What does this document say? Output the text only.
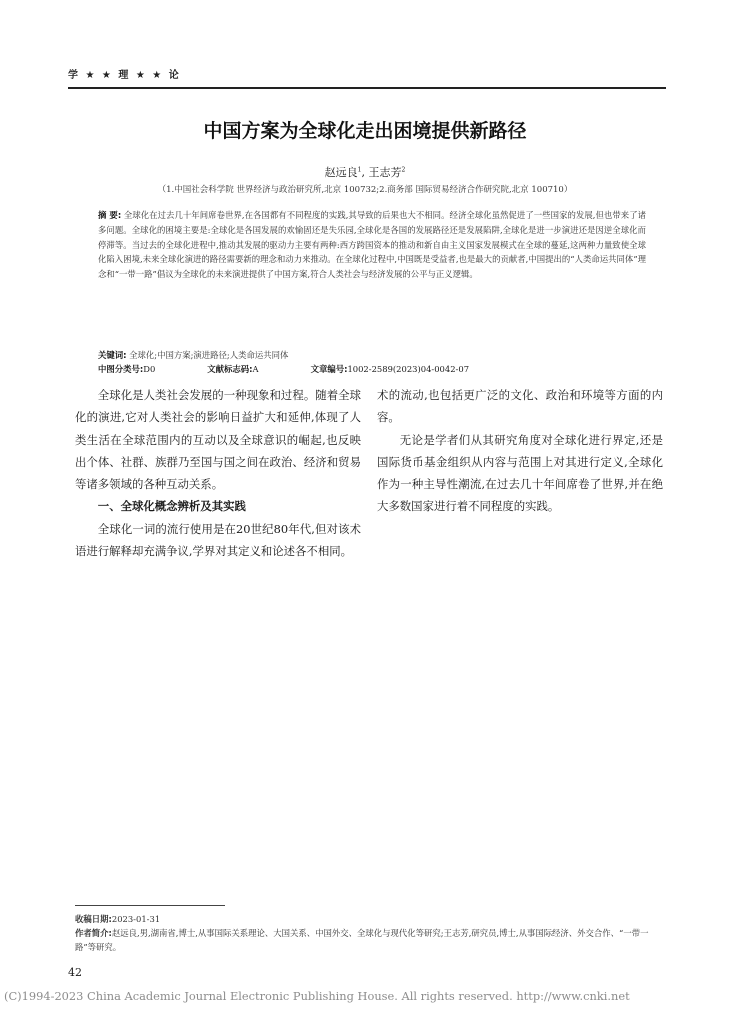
学 ★ ★ 理 ★ ★ 论
中国方案为全球化走出困境提供新路径
赵远良$^1$, 王志芳$^2$
（1.中国社会科学院 世界经济与政治研究所,北京 100732;2.商务部 国际贸易经济合作研究院,北京 100710）
摘 要: 全球化在过去几十年间席卷世界,在各国都有不同程度的实践,其导致的后果也大不相同。经济全球化虽然促进了一些国家的发展,但也带来了诸多问题。全球化的困境主要是:全球化是各国发展的欢愉固还是失乐园,全球化是各国的发展路径还是发展陷阱,全球化是进一步演进还是因逆全球化而停滞等。当过去的全球化进程中,推动其发展的驱动力主要有两种:西方跨国资本的推动和新自由主义国家发展模式在全球的蔓延,这两种力量致使全球化陷入困境,未来全球化演进的路径需要新的理念和动力来推动。在全球化过程中,中国既是受益者,也是最大的贡献者,中国提出的“人类命运共同体”理念和“一带一路”倡议为全球化的未来演进提供了中国方案,符合人类社会与经济发展的公平与正义逻辑。
关键词: 全球化;中国方案;演进路径;人类命运共同体
中图分类号:D0	文献标志码:A	文章编号:1002-2589(2023)04-0042-07

全球化是人类社会发展的一种现象和过程。随着全球化的演进,它对人类社会的影响日益扩大和延伸,体现了人类生活在全球范围内的互动以及全球意识的崛起,也反映出个体、社群、族群乃至国与国之间在政治、经济和贸易等诸多领域的各种互动关系。

一、全球化概念辨析及其实践

全球化一词的流行使用是在20世纪80年代,但对该术语进行解释却充满争议,学界对其定义和论述各不相同。

术的流动,也包括更广泛的文化、政治和环境等方面的内容。

无论是学者们从其研究角度对全球化进行界定,还是国际货币基金组织从内容与范围上对其进行定义,全球化作为一种主导性潮流,在过去几十年间席卷了世界,并在绝大多数国家进行着不同程度的实践。

收稿日期:2023-01-31
作者简介:赵远良,男,湖南省,博士,从事国际关系理论、大国关系、中国外交、全球化与现代化等研究;王志芳,研究员,博士,从事国际经济、外交合作、“一带一路”等研究。
42
(C)1994-2023 China Academic Journal Electronic Publishing House. All rights reserved. http://www.cnki.net
